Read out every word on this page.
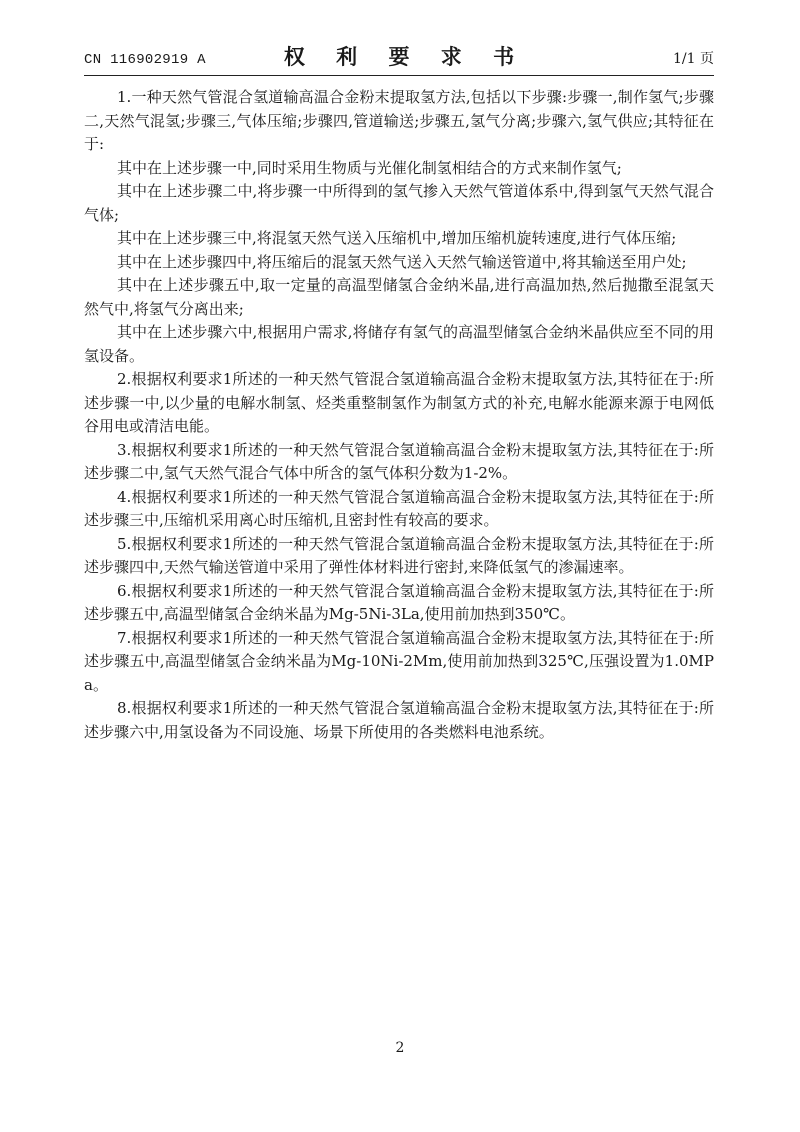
CN 116902919 A	权 利 要 求 书	1/1 页

1.一种天然气管混合氢道输高温合金粉末提取氢方法,包括以下步骤:步骤一,制作氢气;步骤二,天然气混氢;步骤三,气体压缩;步骤四,管道输送;步骤五,氢气分离;步骤六,氢气供应;其特征在于:

其中在上述步骤一中,同时采用生物质与光催化制氢相结合的方式来制作氢气;

其中在上述步骤二中,将步骤一中所得到的氢气掺入天然气管道体系中,得到氢气天然气混合气体;

其中在上述步骤三中,将混氢天然气送入压缩机中,增加压缩机旋转速度,进行气体压缩;

其中在上述步骤四中,将压缩后的混氢天然气送入天然气输送管道中,将其输送至用户处;

其中在上述步骤五中,取一定量的高温型储氢合金纳米晶,进行高温加热,然后抛撒至混氢天然气中,将氢气分离出来;

其中在上述步骤六中,根据用户需求,将储存有氢气的高温型储氢合金纳米晶供应至不同的用氢设备。

2.根据权利要求1所述的一种天然气管混合氢道输高温合金粉末提取氢方法,其特征在于:所述步骤一中,以少量的电解水制氢、烃类重整制氢作为制氢方式的补充,电解水能源来源于电网低谷用电或清洁电能。

3.根据权利要求1所述的一种天然气管混合氢道输高温合金粉末提取氢方法,其特征在于:所述步骤二中,氢气天然气混合气体中所含的氢气体积分数为1-2%。

4.根据权利要求1所述的一种天然气管混合氢道输高温合金粉末提取氢方法,其特征在于:所述步骤三中,压缩机采用离心时压缩机,且密封性有较高的要求。

5.根据权利要求1所述的一种天然气管混合氢道输高温合金粉末提取氢方法,其特征在于:所述步骤四中,天然气输送管道中采用了弹性体材料进行密封,来降低氢气的渗漏速率。

6.根据权利要求1所述的一种天然气管混合氢道输高温合金粉末提取氢方法,其特征在于:所述步骤五中,高温型储氢合金纳米晶为Mg-5Ni-3La,使用前加热到350℃。

7.根据权利要求1所述的一种天然气管混合氢道输高温合金粉末提取氢方法,其特征在于:所述步骤五中,高温型储氢合金纳米晶为Mg-10Ni-2Mm,使用前加热到325℃,压强设置为1.0MPa。

8.根据权利要求1所述的一种天然气管混合氢道输高温合金粉末提取氢方法,其特征在于:所述步骤六中,用氢设备为不同设施、场景下所使用的各类燃料电池系统。

2
